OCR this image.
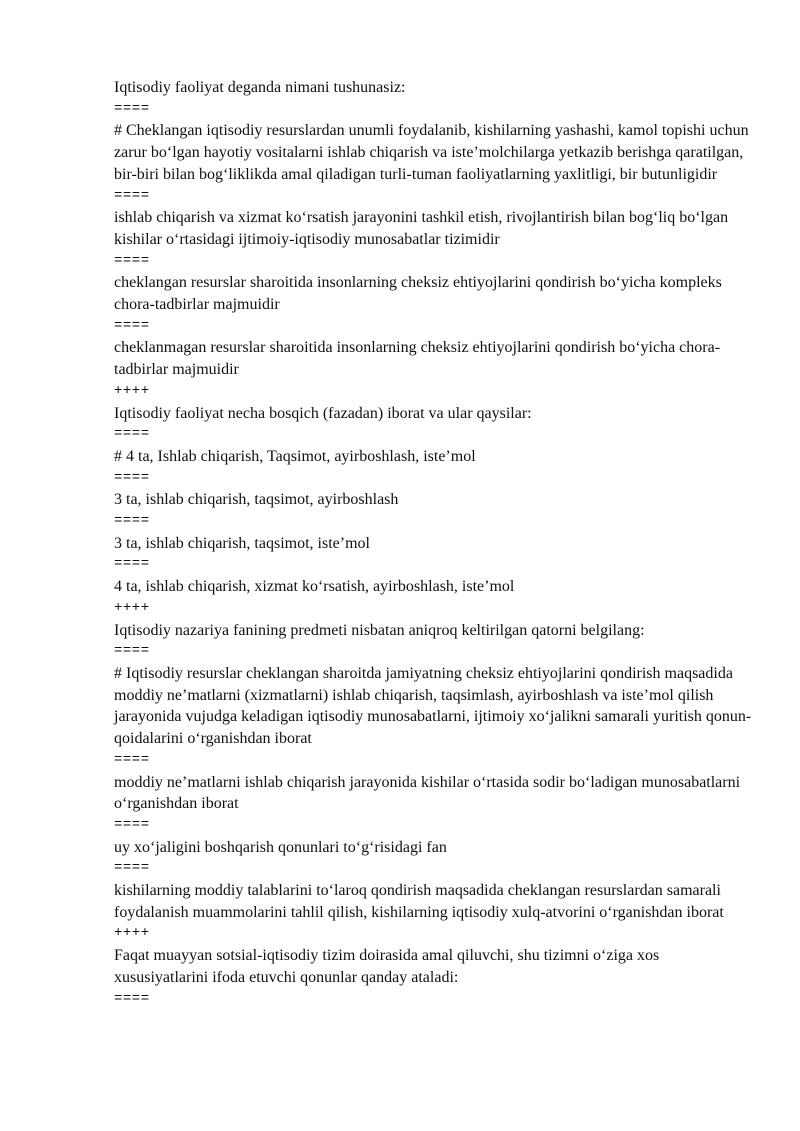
Iqtisodiy faoliyat deganda nimani tushunasiz:
====
# Cheklangan iqtisodiy resurslardan unumli foydalanib, kishilarning yashashi, kamol topishi uchun zarur boʻlgan hayotiy vositalarni ishlab chiqarish va isteʼmolchilarga yetkazib berishga qaratilgan, bir-biri bilan bogʻliklikda amal qiladigan turli-tuman faoliyatlarning yaxlitligi, bir butunligidir
====
ishlab chiqarish va xizmat koʻrsatish jarayonini tashkil etish, rivojlantirish bilan bogʻliq boʻlgan kishilar oʻrtasidagi ijtimoiy-iqtisodiy munosabatlar tizimidir
====
cheklangan resurslar sharoitida insonlarning cheksiz ehtiyojlarini qondirish boʻyicha kompleks chora-tadbirlar majmuidir
====
cheklanmagan resurslar sharoitida insonlarning cheksiz ehtiyojlarini qondirish boʻyicha chora-tadbirlar majmuidir
++++
Iqtisodiy faoliyat necha bosqich (fazadan) iborat va ular qaysilar:
====
# 4 ta, Ishlab chiqarish, Taqsimot, ayirboshlash, isteʼmol
====
3 ta, ishlab chiqarish, taqsimot, ayirboshlash
====
3 ta, ishlab chiqarish, taqsimot, isteʼmol
====
4 ta, ishlab chiqarish, xizmat koʻrsatish, ayirboshlash, isteʼmol
++++
Iqtisodiy nazariya fanining predmeti nisbatan aniqroq keltirilgan qatorni belgilang:
====
# Iqtisodiy resurslar cheklangan sharoitda jamiyatning cheksiz ehtiyojlarini qondirish maqsadida moddiy neʼmatlarni (xizmatlarni) ishlab chiqarish, taqsimlash, ayirboshlash va isteʼmol qilish jarayonida vujudga keladigan iqtisodiy munosabatlarni, ijtimoiy xoʻjalikni samarali yuritish qonun-qoidalarini oʻrganishdan iborat
====
moddiy neʼmatlarni ishlab chiqarish jarayonida kishilar oʻrtasida sodir boʻladigan munosabatlarni oʻrganishdan iborat
====
uy xoʻjaligini boshqarish qonunlari toʻgʻrisidagi fan
====
kishilarning moddiy talablarini toʻlaroq qondirish maqsadida cheklangan resurslardan samarali foydalanish muammolarini tahlil qilish, kishilarning iqtisodiy xulq-atvorini oʻrganishdan iborat
++++
Faqat muayyan sotsial-iqtisodiy tizim doirasida amal qiluvchi, shu tizimni oʻziga xos xususiyatlarini ifoda etuvchi qonunlar qanday ataladi:
====
